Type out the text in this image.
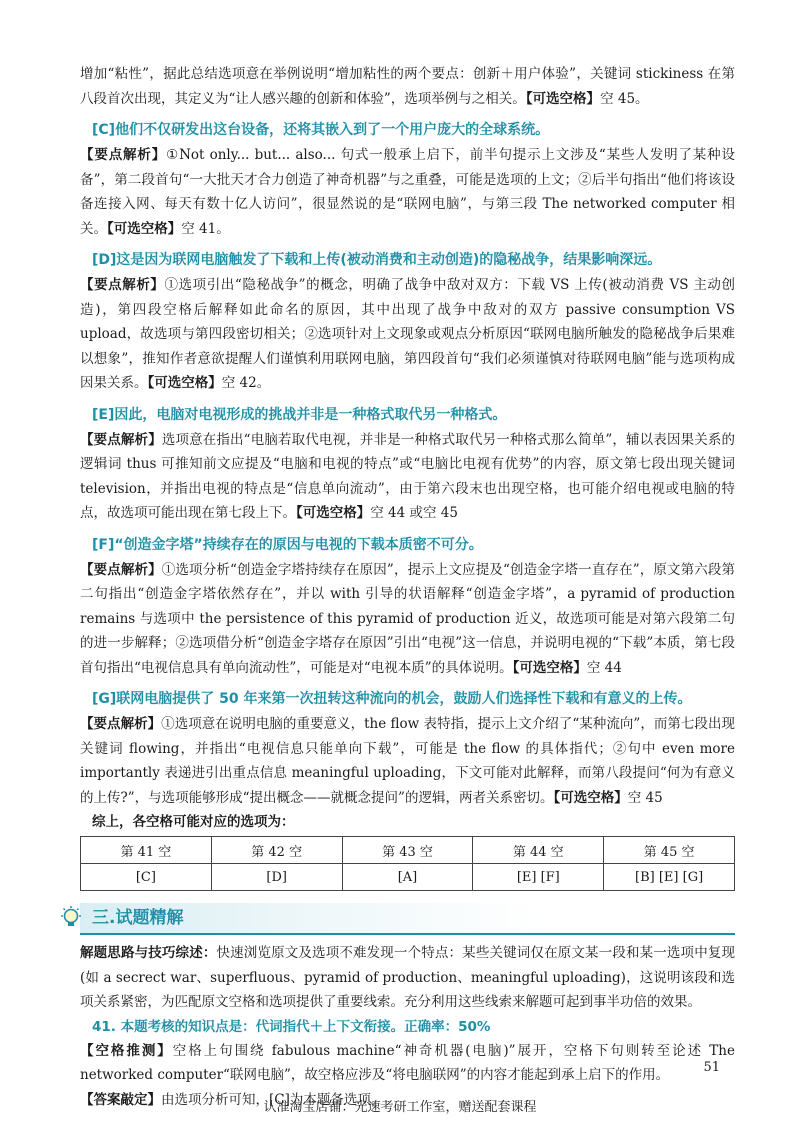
增加“粘性”，据此总结选项意在举例说明“增加粘性的两个要点：创新＋用户体验”，关键词 stickiness 在第八段首次出现，其定义为“让人感兴趣的创新和体验”，选项举例与之相关。【可选空格】空 45。

[C]他们不仅研发出这台设备，还将其嵌入到了一个用户庞大的全球系统。

【要点解析】①Not only... but... also... 句式一般承上启下，前半句提示上文涉及“某些人发明了某种设备”，第二段首句“一大批天才合力创造了神奇机器”与之重叠，可能是选项的上文；②后半句指出“他们将该设备连接入网、每天有数十亿人访问”，很显然说的是“联网电脑”，与第三段 The networked computer 相关。【可选空格】空 41。

[D]这是因为联网电脑触发了下载和上传(被动消费和主动创造)的隐秘战争，结果影响深远。

【要点解析】①选项引出“隐秘战争”的概念，明确了战争中敌对双方：下载 VS 上传(被动消费 VS 主动创造)，第四段空格后解释如此命名的原因，其中出现了战争中敌对的双方 passive consumption VS upload，故选项与第四段密切相关；②选项针对上文现象或观点分析原因“联网电脑所触发的隐秘战争后果难以想象”，推知作者意欲提醒人们谨慎利用联网电脑，第四段首句“我们必须谨慎对待联网电脑”能与选项构成因果关系。【可选空格】空 42。

[E]因此，电脑对电视形成的挑战并非是一种格式取代另一种格式。

【要点解析】选项意在指出“电脑若取代电视，并非是一种格式取代另一种格式那么简单”，辅以表因果关系的逻辑词 thus 可推知前文应提及“电脑和电视的特点”或“电脑比电视有优势”的内容，原文第七段出现关键词 television，并指出电视的特点是“信息单向流动”，由于第六段末也出现空格，也可能介绍电视或电脑的特点，故选项可能出现在第七段上下。【可选空格】空 44 或空 45

[F]“创造金字塔”持续存在的原因与电视的下载本质密不可分。

【要点解析】①选项分析“创造金字塔持续存在原因”，提示上文应提及“创造金字塔一直存在”，原文第六段第二句指出“创造金字塔依然存在”，并以 with 引导的状语解释“创造金字塔”，a pyramid of production remains 与选项中 the persistence of this pyramid of production 近义，故选项可能是对第六段第二句的进一步解释；②选项借分析“创造金字塔存在原因”引出“电视”这一信息，并说明电视的“下载”本质，第七段首句指出“电视信息具有单向流动性”，可能是对“电视本质”的具体说明。【可选空格】空 44

[G]联网电脑提供了 50 年来第一次扭转这种流向的机会，鼓励人们选择性下载和有意义的上传。

【要点解析】①选项意在说明电脑的重要意义，the flow 表特指，提示上文介绍了“某种流向”，而第七段出现关键词 flowing，并指出“电视信息只能单向下载”，可能是 the flow 的具体指代；②句中 even more importantly 表递进引出重点信息 meaningful uploading，下文可能对此解释，而第八段提问“何为有意义的上传?”，与选项能够形成“提出概念——就概念提问”的逻辑，两者关系密切。【可选空格】空 45

综上，各空格可能对应的选项为：
第 41 空	第 42 空	第 43 空	第 44 空	第 45 空
[C]	[D]	[A]	[E] [F]	[B] [E] [G]
三.试题精解

解题思路与技巧综述：快速浏览原文及选项不难发现一个特点：某些关键词仅在原文某一段和某一选项中复现(如 a secrect war、superfluous、pyramid of production、meaningful uploading)，这说明该段和选项关系紧密，为匹配原文空格和选项提供了重要线索。充分利用这些线索来解题可起到事半功倍的效果。

41. 本题考核的知识点是：代词指代＋上下文衔接。正确率：50%

【空格推测】空格上句围绕 fabulous machine“神奇机器(电脑)”展开，空格下句则转至论述 The networked computer“联网电脑”，故空格应涉及“将电脑联网”的内容才能起到承上启下的作用。

【答案敲定】由选项分析可知，[C]为本题备选项。

51
认准淘宝店铺：光速考研工作室，赠送配套课程
